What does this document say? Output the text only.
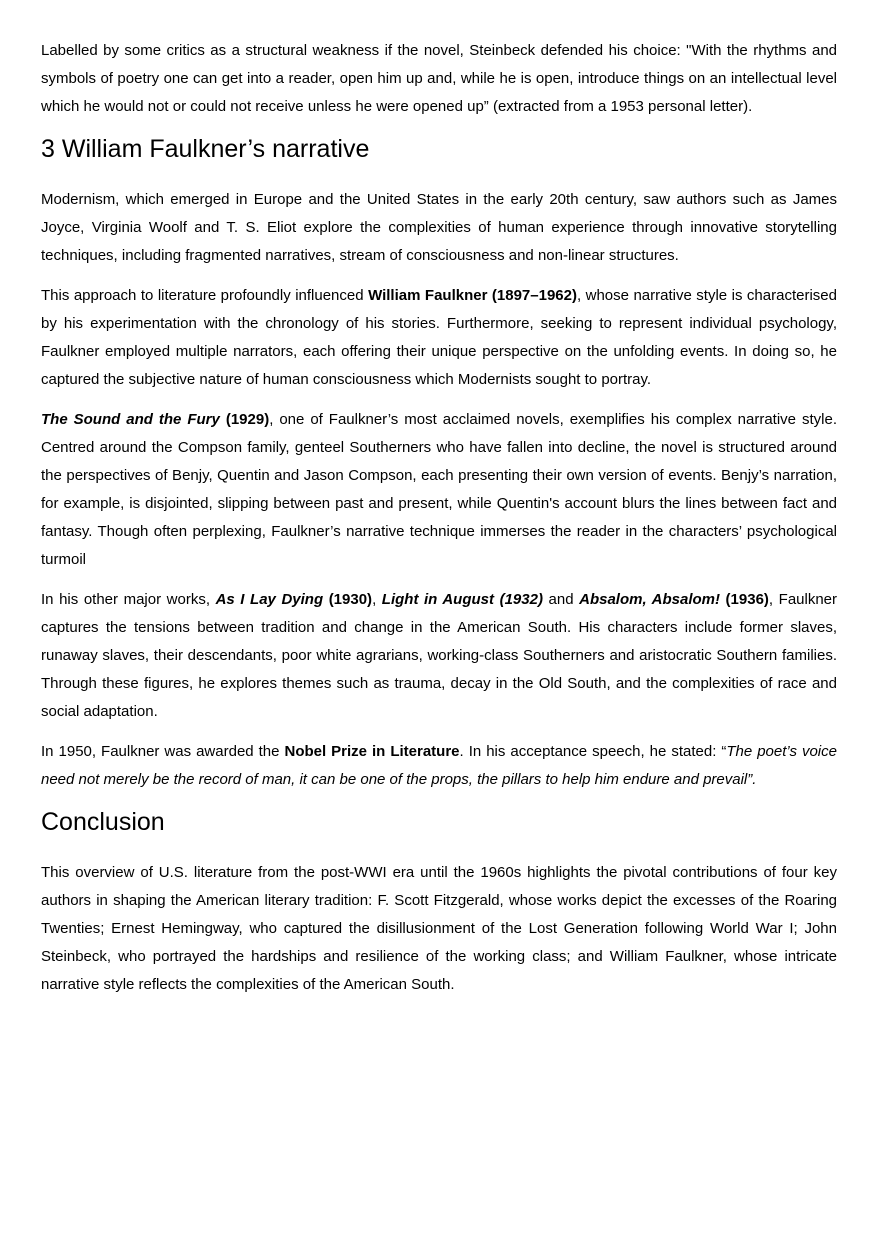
Labelled by some critics as a structural weakness if the novel, Steinbeck defended his choice: "With the rhythms and symbols of poetry one can get into a reader, open him up and, while he is open, introduce things on an intellectual level which he would not or could not receive unless he were opened up” (extracted from a 1953 personal letter).

3 William Faulkner’s narrative

Modernism, which emerged in Europe and the United States in the early 20th century, saw authors such as James Joyce, Virginia Woolf and T. S. Eliot explore the complexities of human experience through innovative storytelling techniques, including fragmented narratives, stream of consciousness and non-linear structures.

This approach to literature profoundly influenced William Faulkner (1897–1962), whose narrative style is characterised by his experimentation with the chronology of his stories. Furthermore, seeking to represent individual psychology, Faulkner employed multiple narrators, each offering their unique perspective on the unfolding events. In doing so, he captured the subjective nature of human consciousness which Modernists sought to portray.

The Sound and the Fury (1929), one of Faulkner’s most acclaimed novels, exemplifies his complex narrative style. Centred around the Compson family, genteel Southerners who have fallen into decline, the novel is structured around the perspectives of Benjy, Quentin and Jason Compson, each presenting their own version of events. Benjy’s narration, for example, is disjointed, slipping between past and present, while Quentin's account blurs the lines between fact and fantasy. Though often perplexing, Faulkner’s narrative technique immerses the reader in the characters’ psychological turmoil

In his other major works, As I Lay Dying (1930), Light in August (1932) and Absalom, Absalom! (1936), Faulkner captures the tensions between tradition and change in the American South. His characters include former slaves, runaway slaves, their descendants, poor white agrarians, working-class Southerners and aristocratic Southern families. Through these figures, he explores themes such as trauma, decay in the Old South, and the complexities of race and social adaptation.

In 1950, Faulkner was awarded the Nobel Prize in Literature. In his acceptance speech, he stated: “The poet’s voice need not merely be the record of man, it can be one of the props, the pillars to help him endure and prevail”.

Conclusion

This overview of U.S. literature from the post-WWI era until the 1960s highlights the pivotal contributions of four key authors in shaping the American literary tradition: F. Scott Fitzgerald, whose works depict the excesses of the Roaring Twenties; Ernest Hemingway, who captured the disillusionment of the Lost Generation following World War I; John Steinbeck, who portrayed the hardships and resilience of the working class; and William Faulkner, whose intricate narrative style reflects the complexities of the American South.
